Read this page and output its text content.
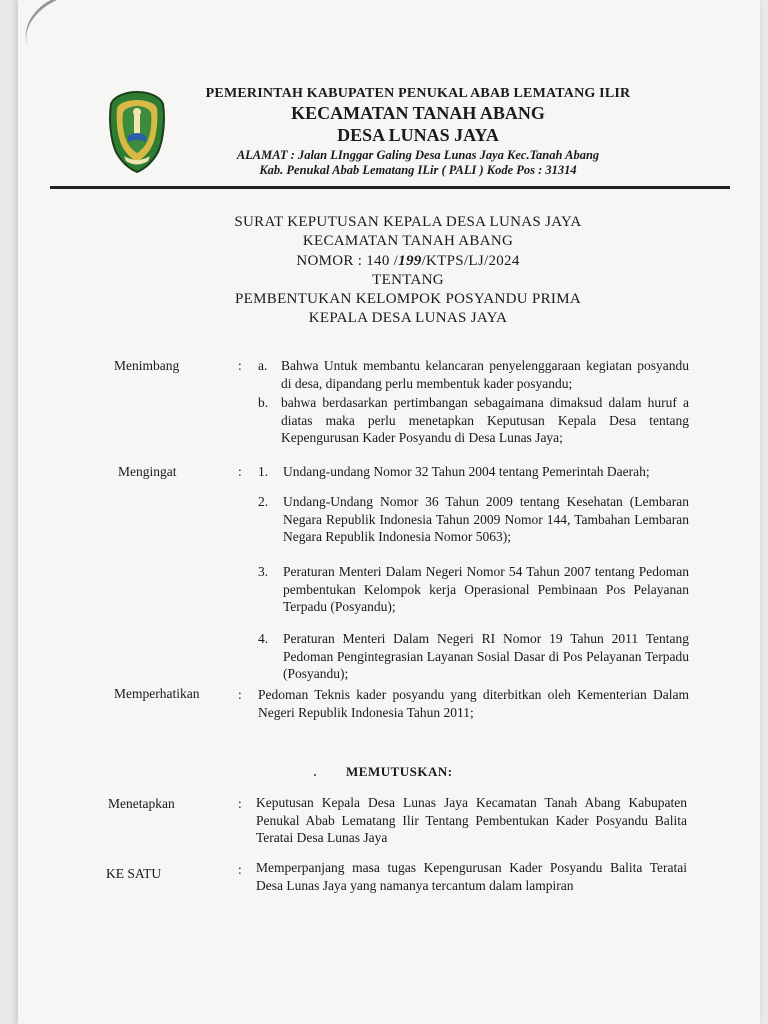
PEMERINTAH KABUPATEN PENUKAL ABAB LEMATANG ILIR
KECAMATAN TANAH ABANG
DESA LUNAS JAYA
ALAMAT : Jalan LInggar Galing Desa Lunas Jaya Kec.Tanah Abang
Kab. Penukal Abab Lematang ILir ( PALI ) Kode Pos : 31314
SURAT KEPUTUSAN KEPALA DESA LUNAS JAYA
KECAMATAN TANAH ABANG
NOMOR : 140 /199/KTPS/LJ/2024
TENTANG
PEMBENTUKAN KELOMPOK POSYANDU PRIMA
KEPALA DESA LUNAS JAYA
Menimbang	: a. Bahwa Untuk membantu kelancaran penyelenggaraan kegiatan posyandu di desa, dipandang perlu membentuk kader posyandu;
b. bahwa berdasarkan pertimbangan sebagaimana dimaksud dalam huruf a diatas maka perlu menetapkan Keputusan Kepala Desa tentang Kepengurusan Kader Posyandu di Desa Lunas Jaya;
Mengingat	: 1. Undang-undang Nomor 32 Tahun 2004 tentang Pemerintah Daerah;
2. Undang-Undang Nomor 36 Tahun 2009 tentang Kesehatan (Lembaran Negara Republik Indonesia Tahun 2009 Nomor 144, Tambahan Lembaran Negara Republik Indonesia Nomor 5063);
3. Peraturan Menteri Dalam Negeri Nomor 54 Tahun 2007 tentang Pedoman pembentukan Kelompok kerja Operasional Pembinaan Pos Pelayanan Terpadu (Posyandu);
4. Peraturan Menteri Dalam Negeri RI Nomor 19 Tahun 2011 Tentang Pedoman Pengintegrasian Layanan Sosial Dasar di Pos Pelayanan Terpadu (Posyandu);
Memperhatikan	: Pedoman Teknis kader posyandu yang diterbitkan oleh Kementerian Dalam Negeri Republik Indonesia Tahun 2011;
MEMUTUSKAN:
Menetapkan	: Keputusan Kepala Desa Lunas Jaya Kecamatan Tanah Abang Kabupaten Penukal Abab Lematang Ilir Tentang Pembentukan Kader Posyandu Balita Teratai Desa Lunas Jaya
KE SATU	: Memperpanjang masa tugas Kepengurusan Kader Posyandu Balita Teratai Desa Lunas Jaya yang namanya tercantum dalam lampiran
